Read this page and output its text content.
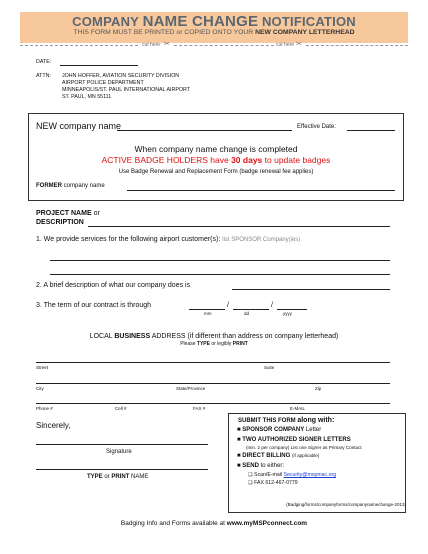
COMPANY NAME CHANGE NOTIFICATION
THIS FORM MUST BE PRINTED or COPIED ONTO YOUR NEW COMPANY LETTERHEAD
cut here ✂	cut here ✂
DATE:
ATTN: JOHN HOFFER, AVIATION SECURITY DIVISION
AIRPORT POLICE DEPARTMENT
MINNEAPOLIS/ST. PAUL INTERNATIONAL AIRPORT
ST. PAUL, MN 55111
NEW company name	Effective Date:
When company name change is completed
ACTIVE BADGE HOLDERS have 30 days to update badges
Use Badge Renewal and Replacement Form (badge renewal fee applies)
FORMER company name
PROJECT NAME or
DESCRIPTION
1. We provide services for the following airport customer(s): list SPONSOR Company(ies)
2. A brief description of what our company does is
3. The term of our contract is through	/	/
mm	dd	yyyy
LOCAL BUSINESS ADDRESS (if different than address on company letterhead)
Please TYPE or legibly PRINT
Street	Suite
City	State/Province	Zip
Phone #	Cell #	FAX #	E-MAIL
Sincerely,
Signature
TYPE or PRINT NAME
SUBMIT THIS FORM along with:
■ SPONSOR COMPANY Letter
■ TWO AUTHORIZED SIGNER LETTERS
(min. 2 per company) List one Signer as Primary Contact
■ DIRECT BILLING (if applicable)
■ SEND to either:
❑ Scan/E-mail Security@mspmac.org
❑ FAX 612-467-0779
(Badging/forms/companyforms/companynamechange-2013)
Badging Info and Forms available at www.myMSPconnect.com
